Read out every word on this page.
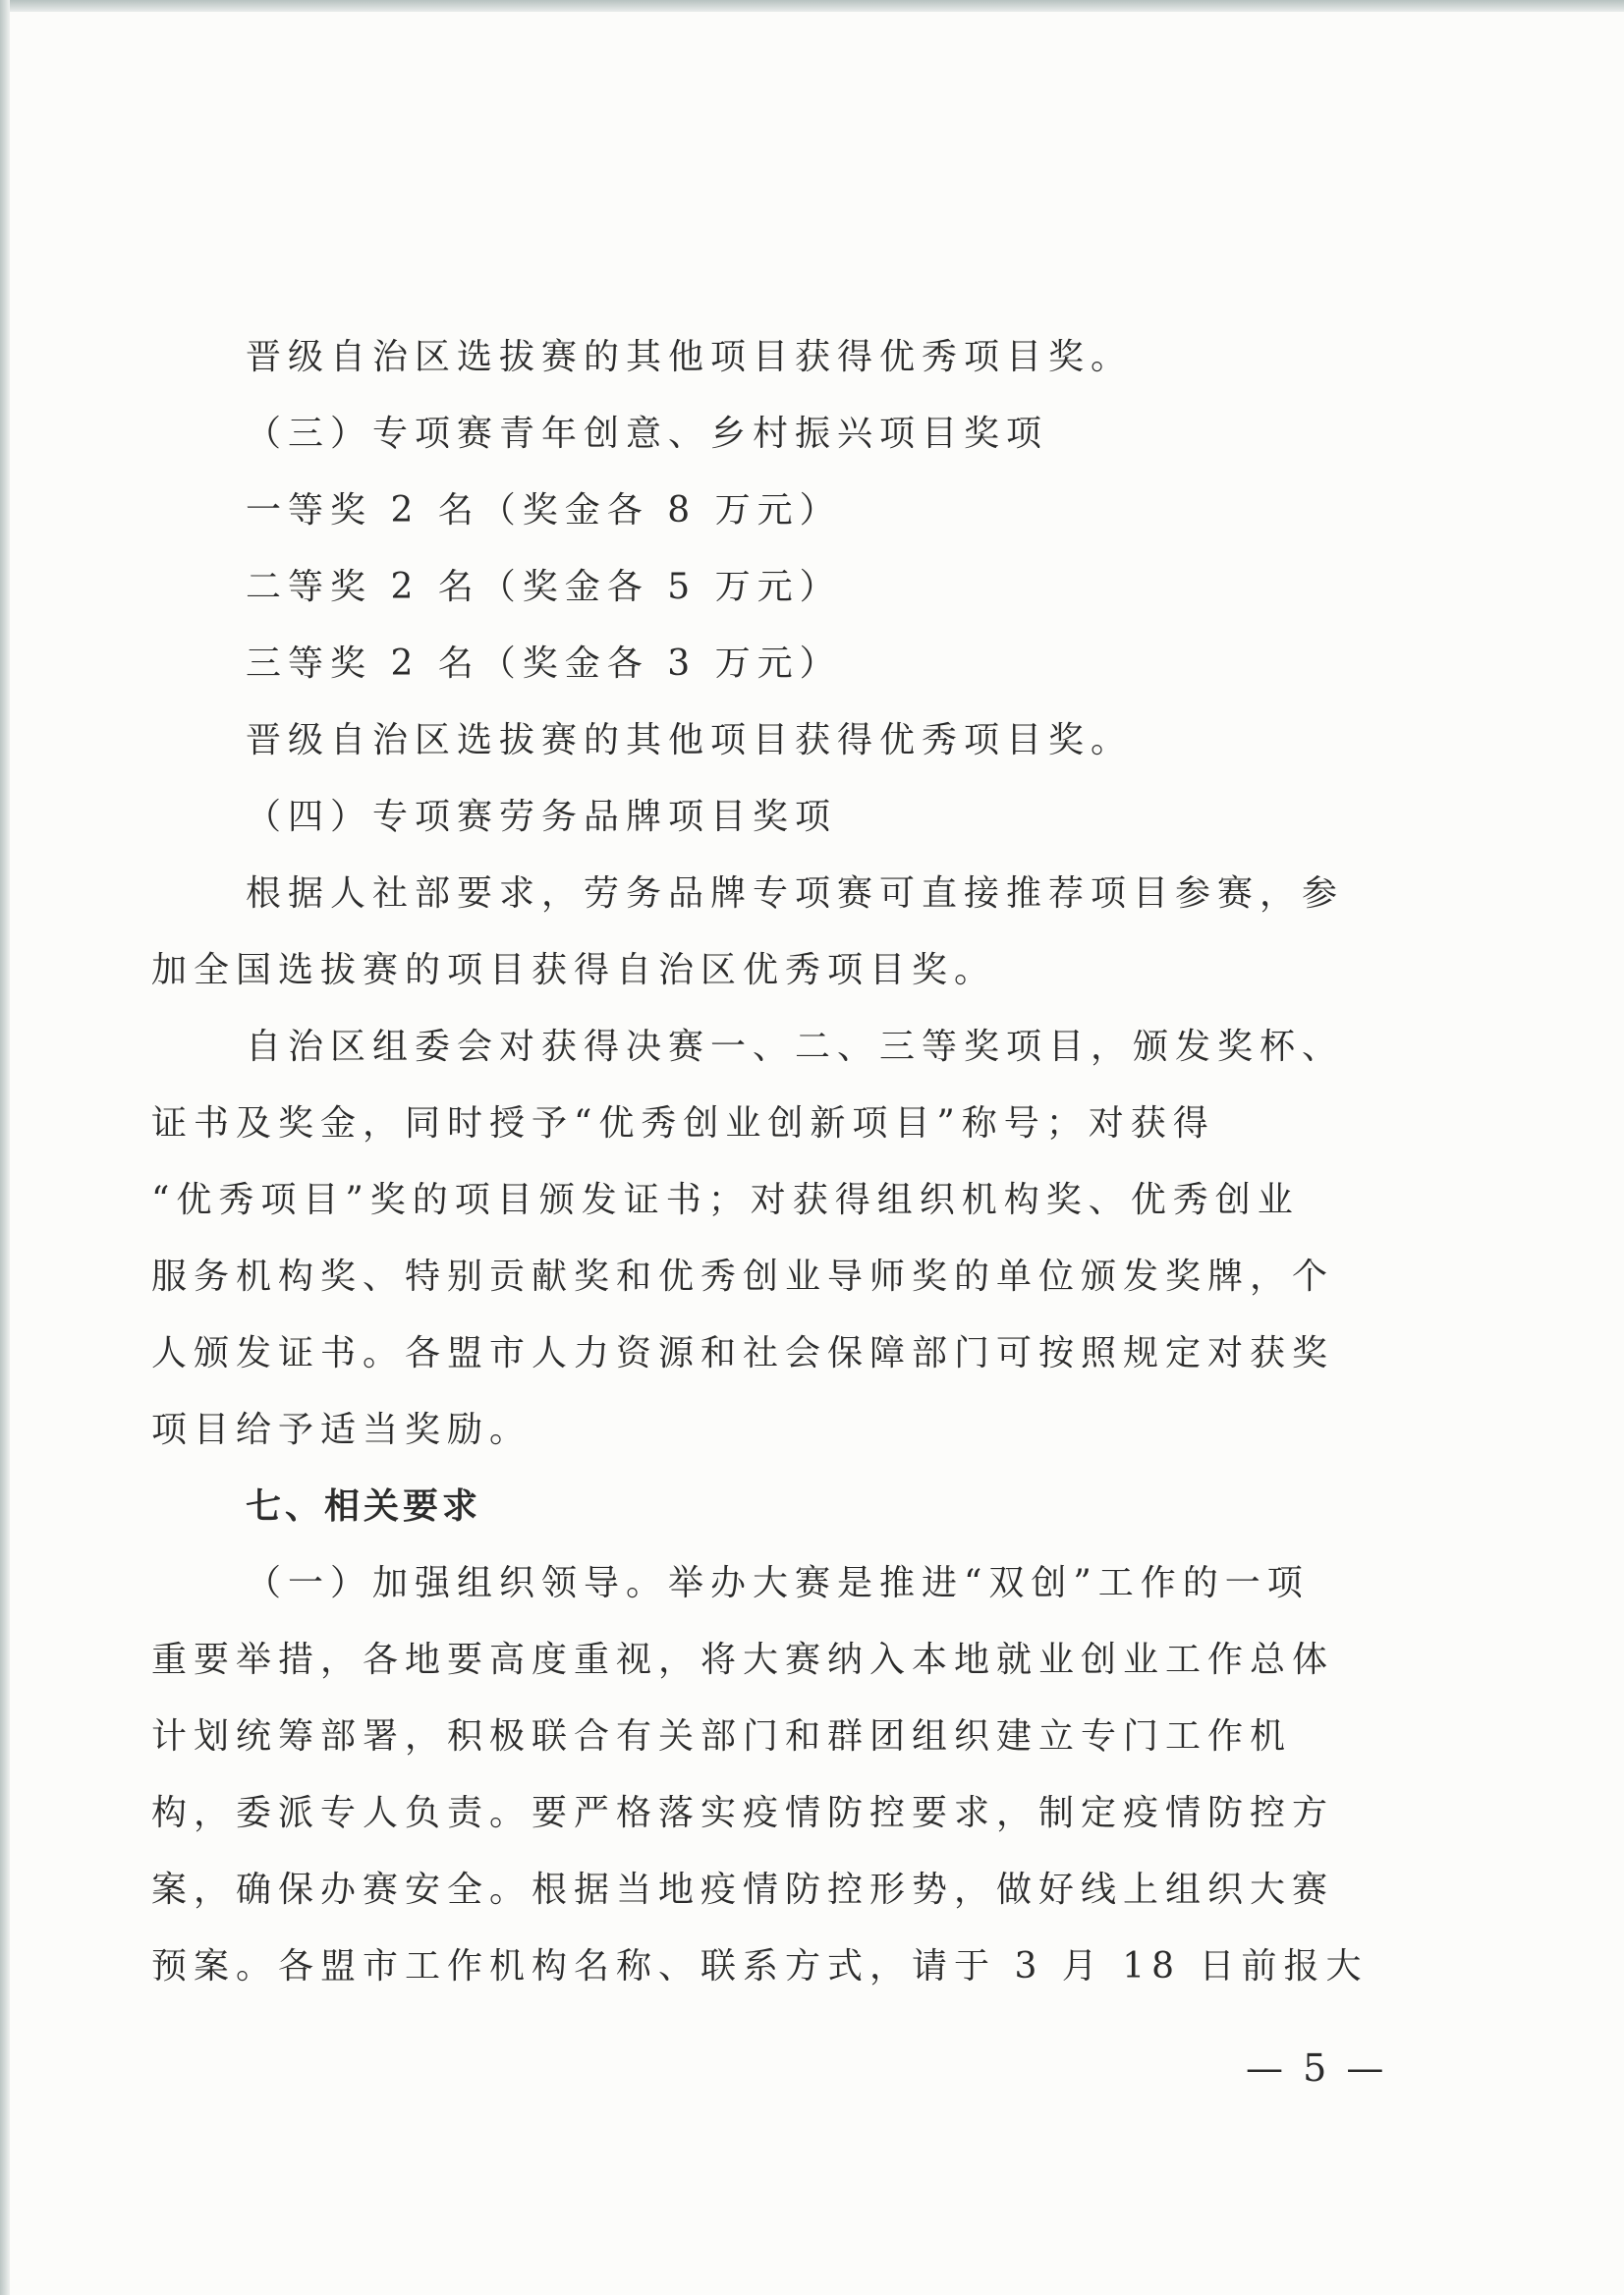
晋级自治区选拔赛的其他项目获得优秀项目奖。

（三）专项赛青年创意、乡村振兴项目奖项

一等奖 2 名（奖金各 8 万元）

二等奖 2 名（奖金各 5 万元）

三等奖 2 名（奖金各 3 万元）

晋级自治区选拔赛的其他项目获得优秀项目奖。

（四）专项赛劳务品牌项目奖项

根据人社部要求，劳务品牌专项赛可直接推荐项目参赛，参

加全国选拔赛的项目获得自治区优秀项目奖。

自治区组委会对获得决赛一、二、三等奖项目，颁发奖杯、

证书及奖金，同时授予“优秀创业创新项目”称号；对获得

“优秀项目”奖的项目颁发证书；对获得组织机构奖、优秀创业

服务机构奖、特别贡献奖和优秀创业导师奖的单位颁发奖牌，个

人颁发证书。各盟市人力资源和社会保障部门可按照规定对获奖

项目给予适当奖励。

七、相关要求

（一）加强组织领导。举办大赛是推进“双创”工作的一项

重要举措，各地要高度重视，将大赛纳入本地就业创业工作总体

计划统筹部署，积极联合有关部门和群团组织建立专门工作机

构，委派专人负责。要严格落实疫情防控要求，制定疫情防控方

案，确保办赛安全。根据当地疫情防控形势，做好线上组织大赛

预案。各盟市工作机构名称、联系方式，请于 3 月 18 日前报大

— 5 —
